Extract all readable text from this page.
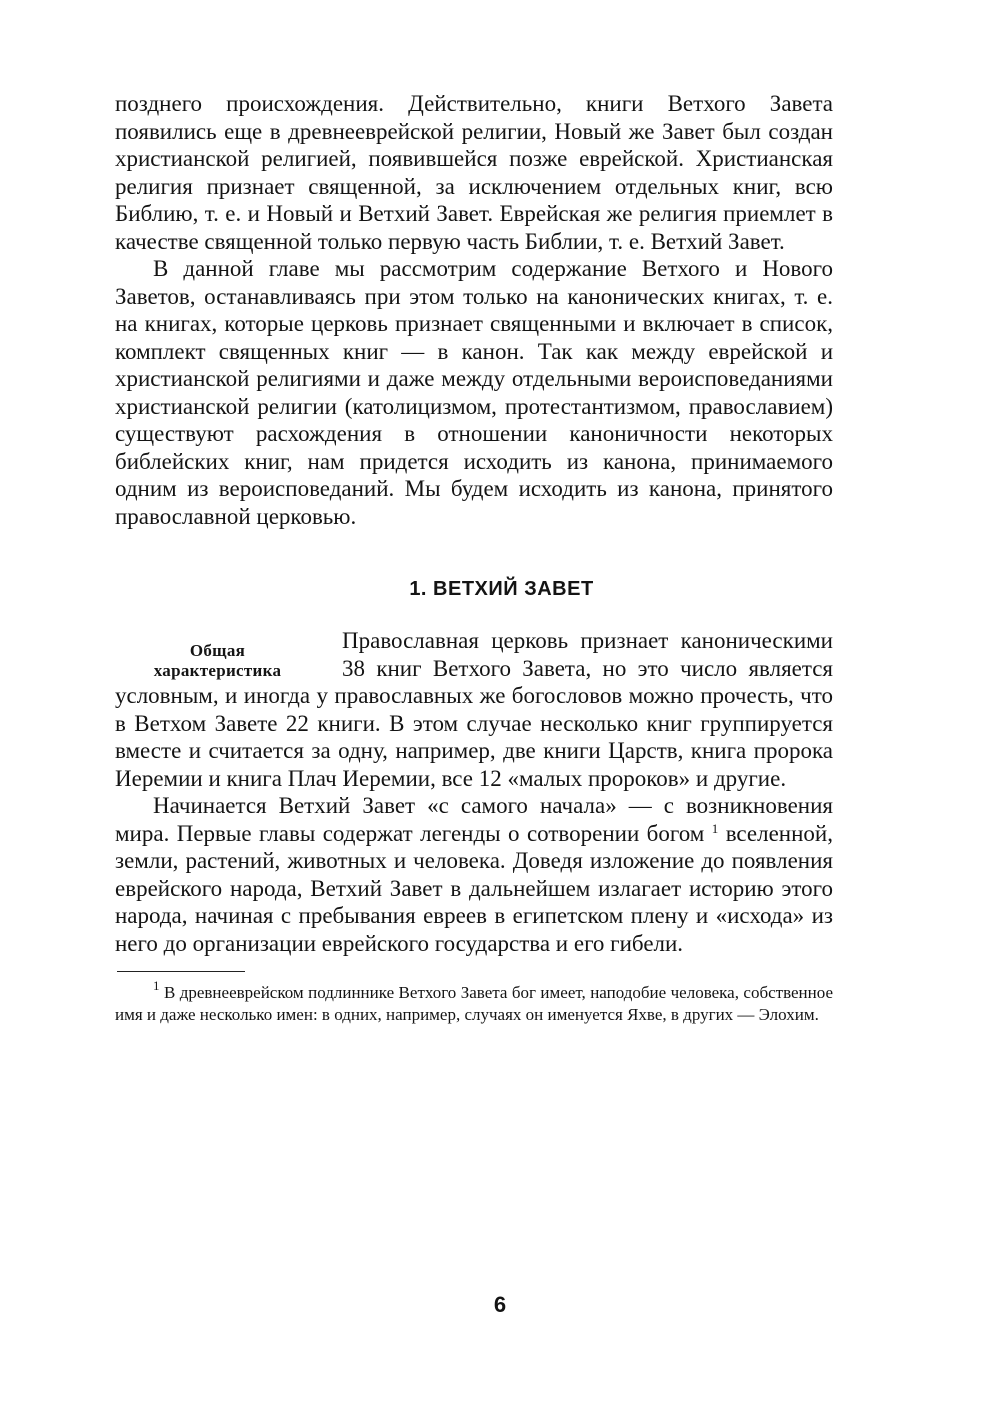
позднего происхождения. Действительно, книги Ветхого Завета появились еще в древнееврейской религии, Новый же Завет был создан христианской религией, появившейся позже еврейской. Христианская религия признает священной, за исключением отдельных книг, всю Библию, т. е. и Новый и Ветхий Завет. Еврейская же религия приемлет в качестве священной только первую часть Библии, т. е. Ветхий Завет.

В данной главе мы рассмотрим содержание Ветхого и Нового Заветов, останавливаясь при этом только на канонических книгах, т. е. на книгах, которые церковь признает священными и включает в список, комплект священных книг — в канон. Так как между еврейской и христианской религиями и даже между отдельными вероисповеданиями христианской религии (католицизмом, протестантизмом, православием) существуют расхождения в отношении каноничности некоторых библейских книг, нам придется исходить из канона, принимаемого одним из вероисповеданий. Мы будем исходить из канона, принятого православной церковью.

1. ВЕТХИЙ ЗАВЕТ
Общая
характеристика

Православная церковь признает каноническими 38 книг Ветхого Завета, но это число является условным, и иногда у православных же богословов можно прочесть, что в Ветхом Завете 22 книги. В этом случае несколько книг группируется вместе и считается за одну, например, две книги Царств, книга пророка Иеремии и книга Плач Иеремии, все 12 «малых пророков» и другие.

Начинается Ветхий Завет «с самого начала» — с возникновения мира. Первые главы содержат легенды о сотворении богом $^1$ вселенной, земли, растений, животных и человека. Доведя изложение до появления еврейского народа, Ветхий Завет в дальнейшем излагает историю этого народа, начиная с пребывания евреев в египетском плену и «исхода» из него до организации еврейского государства и его гибели.

$^1$ В древнееврейском подлиннике Ветхого Завета бог имеет, наподобие человека, собственное имя и даже несколько имен: в одних, например, случаях он именуется Яхве, в других — Элохим.

6
